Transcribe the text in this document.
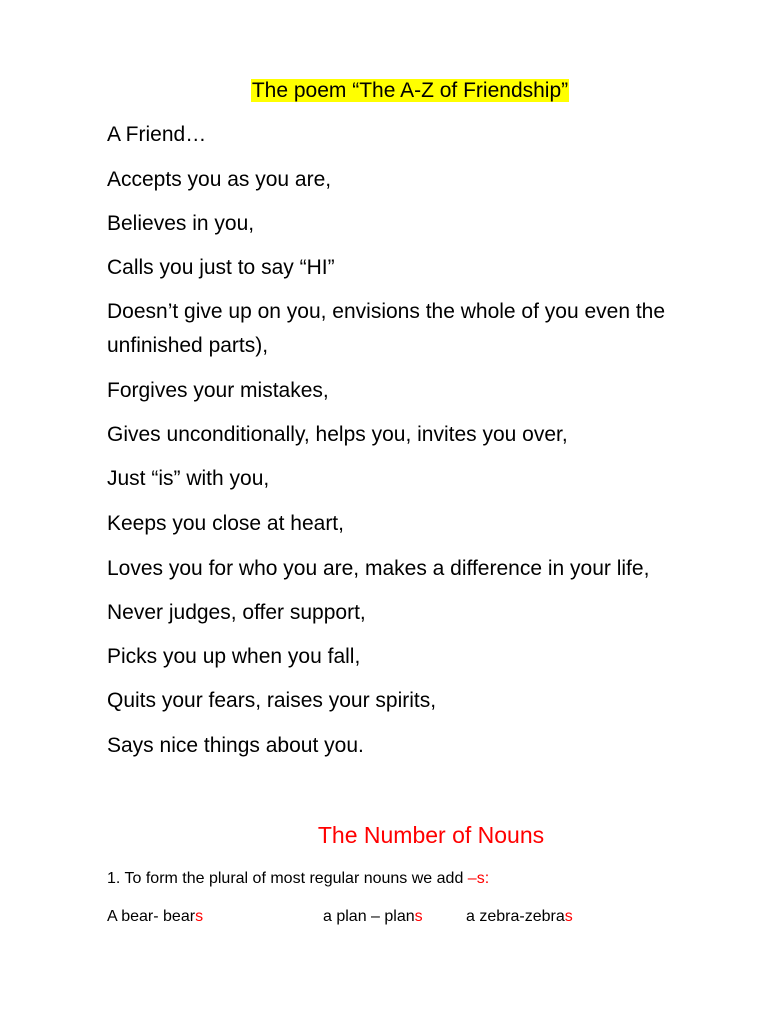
The poem “The A-Z of Friendship”
A Friend…
Accepts you as you are,
Believes in you,
Calls you just to say “HI”
Doesn’t give up on you, envisions the whole of you even the unfinished parts),
Forgives your mistakes,
Gives unconditionally, helps you, invites you over,
Just “is” with you,
Keeps you close at heart,
Loves you for who you are, makes a difference in your life,
Never judges, offer support,
Picks you up when you fall,
Quits your fears, raises your spirits,
Says nice things about you.
The Number of Nouns
1. To form the plural of most regular nouns we add –s:
A bear- bears	a plan – plans	a zebra-zebras
